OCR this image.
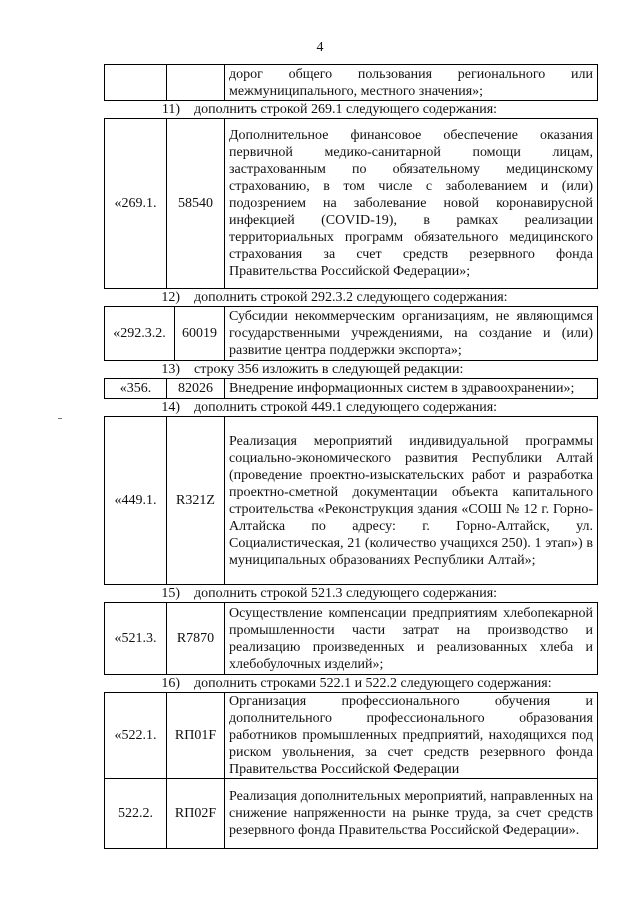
4
		дорог общего пользования регионального или межмуниципального, местного значения»;
11) дополнить строкой 269.1 следующего содержания:
«269.1.	58540	Дополнительное финансовое обеспечение оказания первичной медико-санитарной помощи лицам, застрахованным по обязательному медицинскому страхованию, в том числе с заболеванием и (или) подозрением на заболевание новой коронавирусной инфекцией (COVID-19), в рамках реализации территориальных программ обязательного медицинского страхования за счет средств резервного фонда Правительства Российской Федерации»;
12) дополнить строкой 292.3.2 следующего содержания:
«292.3.2.	60019	Субсидии некоммерческим организациям, не являющимся государственными учреждениями, на создание и (или) развитие центра поддержки экспорта»;
13) строку 356 изложить в следующей редакции:
«356.	82026	Внедрение информационных систем в здравоохранении»;
14) дополнить строкой 449.1 следующего содержания:
«449.1.	R321Z	Реализация мероприятий индивидуальной программы социально-экономического развития Республики Алтай (проведение проектно-изыскательских работ и разработка проектно-сметной документации объекта капитального строительства «Реконструкция здания «СОШ № 12 г. Горно-Алтайска по адресу: г. Горно-Алтайск, ул. Социалистическая, 21 (количество учащихся 250). 1 этап») в муниципальных образованиях Республики Алтай»;
15) дополнить строкой 521.3 следующего содержания:
«521.3.	R7870	Осуществление компенсации предприятиям хлебопекарной промышленности части затрат на производство и реализацию произведенных и реализованных хлеба и хлебобулочных изделий»;
16) дополнить строками 522.1 и 522.2 следующего содержания:
«522.1.	RП01F	Организация профессионального обучения и дополнительного профессионального образования работников промышленных предприятий, находящихся под риском увольнения, за счет средств резервного фонда Правительства Российской Федерации
522.2.	RП02F	Реализация дополнительных мероприятий, направленных на снижение напряженности на рынке труда, за счет средств резервного фонда Правительства Российской Федерации».
